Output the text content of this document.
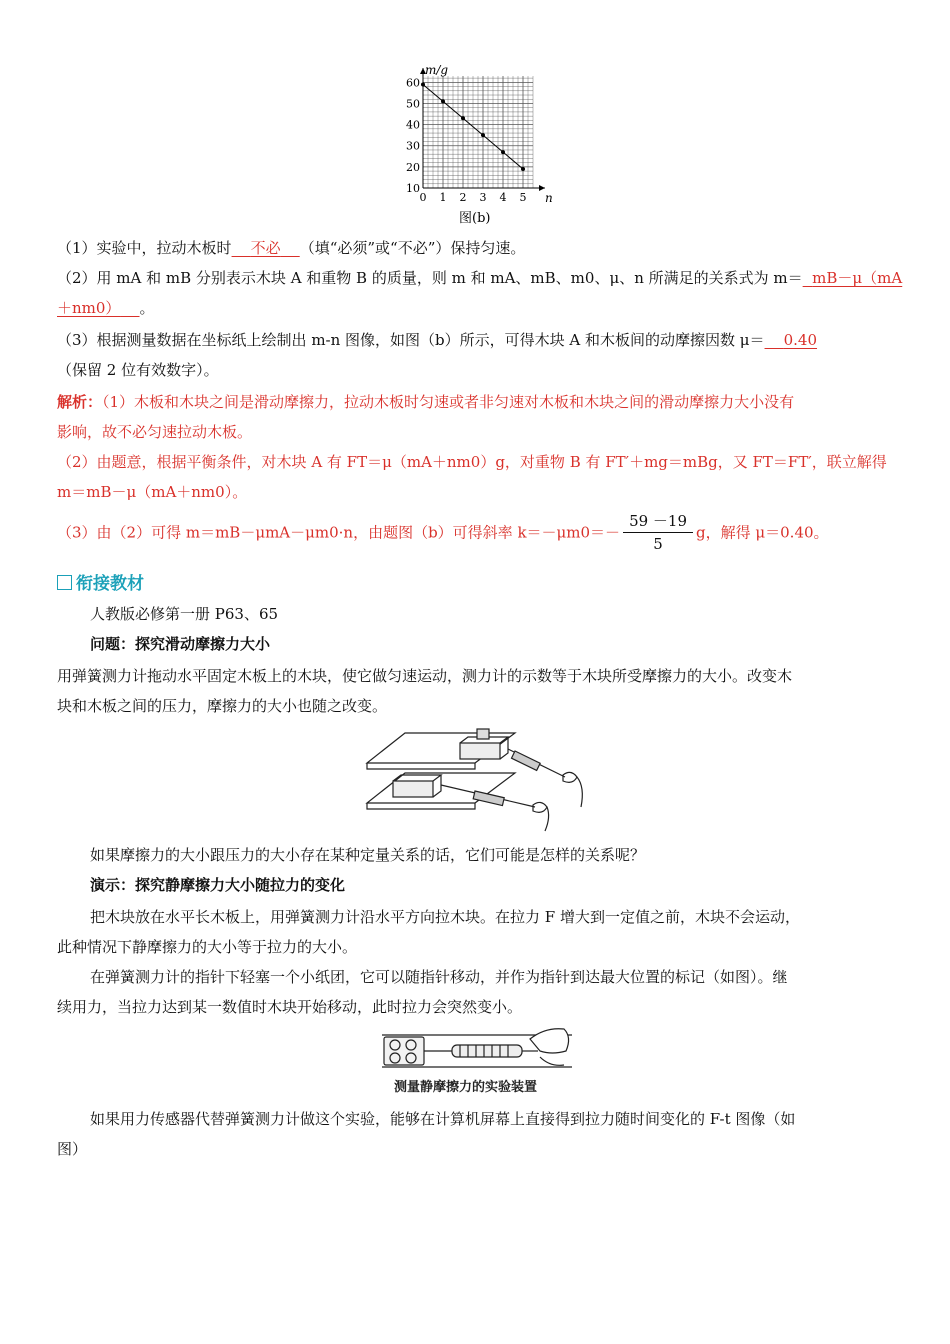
60
50
40
30
20
10
0 1 2 3 4 5
m/g
n
图(b)
（1）实验中，拉动木板时 不必 （填“必须”或“不必”）保持匀速。
（2）用 mA 和 mB 分别表示木块 A 和重物 B 的质量，则 m 和 mA、mB、m0、μ、n 所满足的关系式为 m＝ mB－μ（mA
＋nm0） 。
（3）根据测量数据在坐标纸上绘制出 m-n 图像，如图（b）所示，可得木块 A 和木板间的动摩擦因数 μ＝ 0.40
（保留 2 位有效数字）。
解析：（1）木板和木块之间是滑动摩擦力，拉动木板时匀速或者非匀速对木板和木块之间的滑动摩擦力大小没有
影响，故不必匀速拉动木板。
（2）由题意，根据平衡条件，对木块 A 有 FT＝μ（mA＋nm0）g，对重物 B 有 FT′＋mg＝mBg，又 FT＝FT′，联立解得
m＝mB－μ（mA＋nm0）。
（3）由（2）可得 m＝mB－μmA－μm0·n，由题图（b）可得斜率 $k=-\mu m0=- \frac{59 -19}{5}$ g，解得 μ＝0.40。
衔接教材
人教版必修第一册 P63、65
问题：探究滑动摩擦力大小
用弹簧测力计拖动水平固定木板上的木块，使它做匀速运动，测力计的示数等于木块所受摩擦力的大小。改变木
块和木板之间的压力，摩擦力的大小也随之改变。
如果摩擦力的大小跟压力的大小存在某种定量关系的话，它们可能是怎样的关系呢？
演示：探究静摩擦力大小随拉力的变化
把木块放在水平长木板上，用弹簧测力计沿水平方向拉木块。在拉力 F 增大到一定值之前，木块不会运动，
此种情况下静摩擦力的大小等于拉力的大小。
在弹簧测力计的指针下轻塞一个小纸团，它可以随指针移动，并作为指针到达最大位置的标记（如图）。继
续用力，当拉力达到某一数值时木块开始移动，此时拉力会突然变小。
测量静摩擦力的实验装置
如果用力传感器代替弹簧测力计做这个实验，能够在计算机屏幕上直接得到拉力随时间变化的 F-t 图像（如
图）
